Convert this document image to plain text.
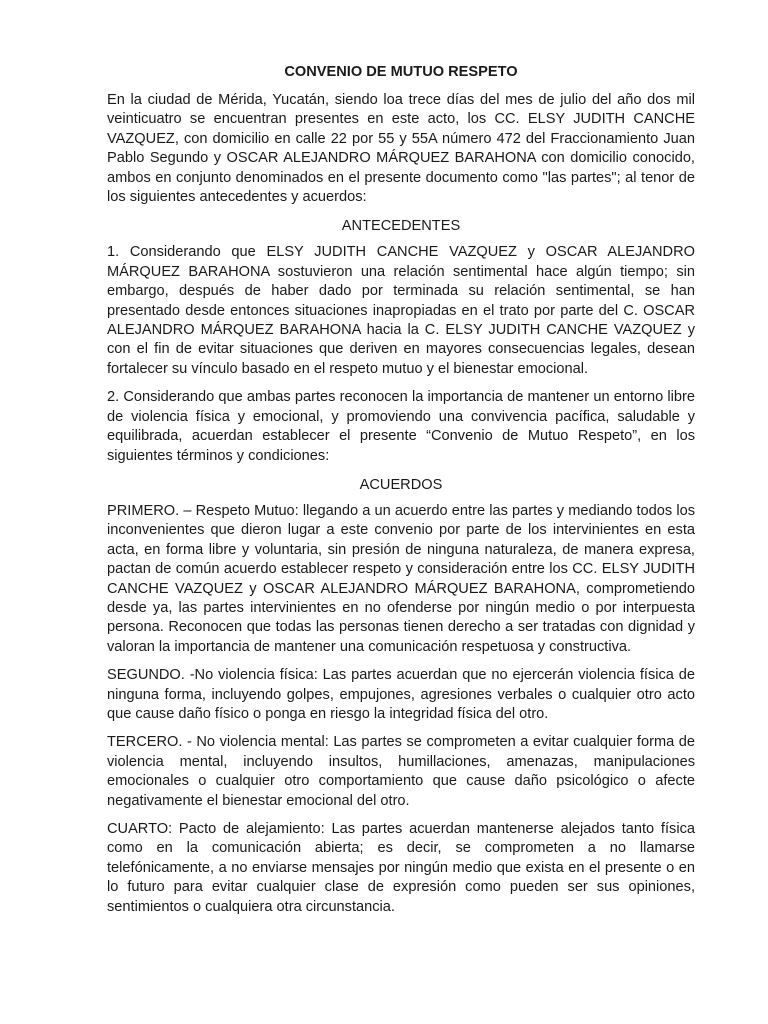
CONVENIO DE MUTUO RESPETO

En la ciudad de Mérida, Yucatán, siendo loa trece días del mes de julio del año dos mil veinticuatro se encuentran presentes en este acto, los CC. ELSY JUDITH CANCHE VAZQUEZ, con domicilio en calle 22 por 55 y 55A número 472 del Fraccionamiento Juan Pablo Segundo y OSCAR ALEJANDRO MÁRQUEZ BARAHONA con domicilio conocido, ambos en conjunto denominados en el presente documento como "las partes"; al tenor de los siguientes antecedentes y acuerdos:

ANTECEDENTES

1. Considerando que ELSY JUDITH CANCHE VAZQUEZ y OSCAR ALEJANDRO MÁRQUEZ BARAHONA sostuvieron una relación sentimental hace algún tiempo; sin embargo, después de haber dado por terminada su relación sentimental, se han presentado desde entonces situaciones inapropiadas en el trato por parte del C. OSCAR ALEJANDRO MÁRQUEZ BARAHONA hacia la C. ELSY JUDITH CANCHE VAZQUEZ y con el fin de evitar situaciones que deriven en mayores consecuencias legales, desean fortalecer su vínculo basado en el respeto mutuo y el bienestar emocional.

2. Considerando que ambas partes reconocen la importancia de mantener un entorno libre de violencia física y emocional, y promoviendo una convivencia pacífica, saludable y equilibrada, acuerdan establecer el presente “Convenio de Mutuo Respeto”, en los siguientes términos y condiciones:

ACUERDOS

PRIMERO. – Respeto Mutuo: llegando a un acuerdo entre las partes y mediando todos los inconvenientes que dieron lugar a este convenio por parte de los intervinientes en esta acta, en forma libre y voluntaria, sin presión de ninguna naturaleza, de manera expresa, pactan de común acuerdo establecer respeto y consideración entre los CC. ELSY JUDITH CANCHE VAZQUEZ y OSCAR ALEJANDRO MÁRQUEZ BARAHONA, comprometiendo desde ya, las partes intervinientes en no ofenderse por ningún medio o por interpuesta persona. Reconocen que todas las personas tienen derecho a ser tratadas con dignidad y valoran la importancia de mantener una comunicación respetuosa y constructiva.

SEGUNDO. -No violencia física: Las partes acuerdan que no ejercerán violencia física de ninguna forma, incluyendo golpes, empujones, agresiones verbales o cualquier otro acto que cause daño físico o ponga en riesgo la integridad física del otro.

TERCERO. - No violencia mental: Las partes se comprometen a evitar cualquier forma de violencia mental, incluyendo insultos, humillaciones, amenazas, manipulaciones emocionales o cualquier otro comportamiento que cause daño psicológico o afecte negativamente el bienestar emocional del otro.

CUARTO: Pacto de alejamiento: Las partes acuerdan mantenerse alejados tanto física como en la comunicación abierta; es decir, se comprometen a no llamarse telefónicamente, a no enviarse mensajes por ningún medio que exista en el presente o en lo futuro para evitar cualquier clase de expresión como pueden ser sus opiniones, sentimientos o cualquiera otra circunstancia.
